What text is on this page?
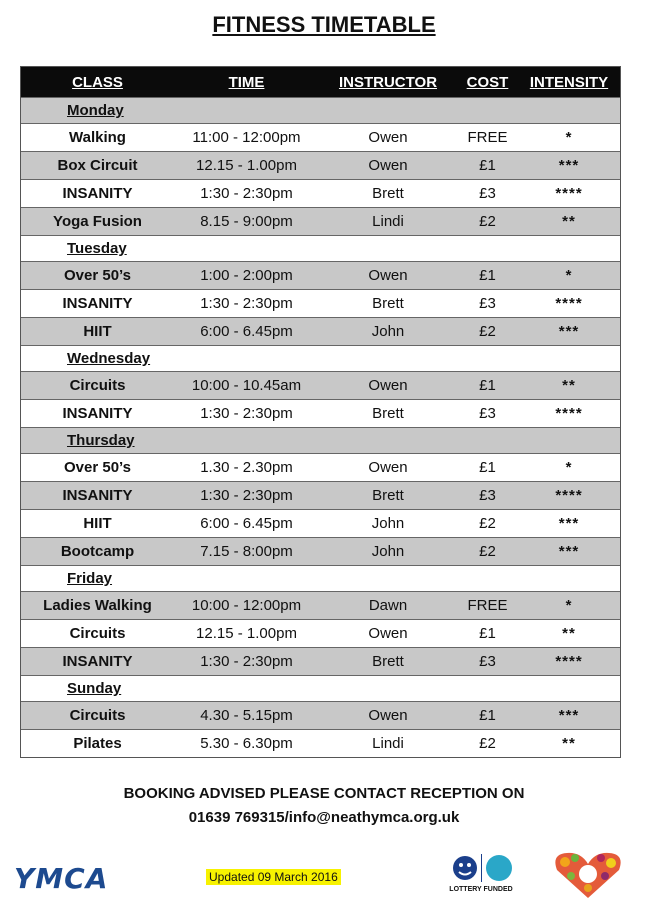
FITNESS TIMETABLE
CLASS	TIME	INSTRUCTOR	COST	INTENSITY
Monday
Walking	11:00 - 12:00pm	Owen	FREE	*
Box Circuit	12.15 - 1.00pm	Owen	£1	***
INSANITY	1:30 - 2:30pm	Brett	£3	****
Yoga Fusion	8.15 - 9:00pm	Lindi	£2	**
Tuesday
Over 50’s	1:00 - 2:00pm	Owen	£1	*
INSANITY	1:30 - 2:30pm	Brett	£3	****
HIIT	6:00 - 6.45pm	John	£2	***
Wednesday
Circuits	10:00 - 10.45am	Owen	£1	**
INSANITY	1:30 - 2:30pm	Brett	£3	****
Thursday
Over 50’s	1.30 - 2.30pm	Owen	£1	*
INSANITY	1:30 - 2:30pm	Brett	£3	****
HIIT	6:00 - 6.45pm	John	£2	***
Bootcamp	7.15 - 8:00pm	John	£2	***
Friday
Ladies Walking	10:00 - 12:00pm	Dawn	FREE	*
Circuits	12.15 - 1.00pm	Owen	£1	**
INSANITY	1:30 - 2:30pm	Brett	£3	****
Sunday
Circuits	4.30 - 5.15pm	Owen	£1	***
Pilates	5.30 - 6.30pm	Lindi	£2	**
BOOKING ADVISED PLEASE CONTACT RECEPTION ON
01639 769315/info@neathymca.org.uk
YMCA	Updated 09 March 2016
LOTTERY FUNDED
